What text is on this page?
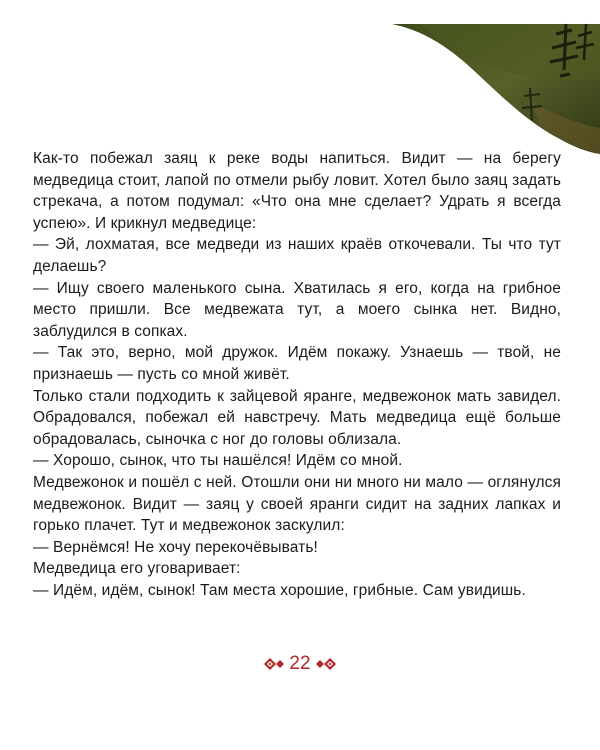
Как-то побежал заяц к реке воды напиться. Видит — на берегу медведица стоит, лапой по отмели рыбу ловит. Хотел было заяц задать стрекача, а потом подумал: «Что она мне сделает? Удрать я всегда успею». И крикнул медведице:

— Эй, лохматая, все медведи из наших краёв откочевали. Ты что тут делаешь?

— Ищу своего маленького сына. Хватилась я его, когда на грибное место пришли. Все медвежата тут, а моего сынка нет. Видно, заблудился в сопках.

— Так это, верно, мой дружок. Идём покажу. Узнаешь — твой, не признаешь — пусть со мной живёт.

Только стали подходить к зайцевой яранге, медвежонок мать завидел. Обрадовался, побежал ей навстречу. Мать медведица ещё больше обрадовалась, сыночка с ног до головы облизала.

— Хорошо, сынок, что ты нашёлся! Идём со мной.

Медвежонок и пошёл с ней. Отошли они ни много ни мало — оглянулся медвежонок. Видит — заяц у своей яранги сидит на задних лапках и горько плачет. Тут и медвежонок заскулил:

— Вернёмся! Не хочу перекочёвывать!

Медведица его уговаривает:

— Идём, идём, сынок! Там места хорошие, грибные. Сам увидишь.

22
